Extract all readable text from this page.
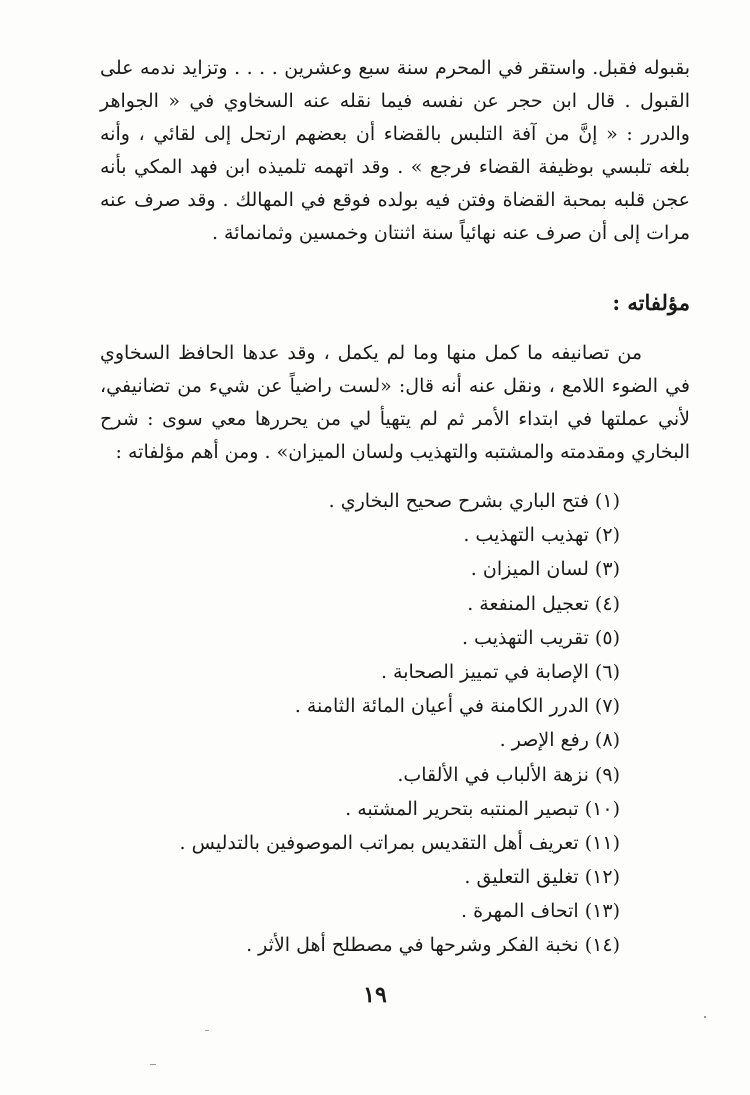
بقبوله فقبل. واستقر في المحرم سنة سبع وعشرين . . . . وتزايد ندمه على القبول . قال ابن حجر عن نفسه فيما نقله عنه السخاوي في « الجواهر والدرر : « إنَّ من آفة التلبس بالقضاء أن بعضهم ارتحل إلى لقائي ، وأنه بلغه تلبسي بوظيفة القضاء فرجع » . وقد اتهمه تلميذه ابن فهد المكي بأنه عجن قلبه بمحبة القضاة وفتن فيه بولده فوقع في المهالك . وقد صرف عنه مرات إلى أن صرف عنه نهائياً سنة اثنتان وخمسين وثمانمائة .

مؤلفاته :

من تصانيفه ما كمل منها وما لم يكمل ، وقد عدها الحافظ السخاوي في الضوء اللامع ، ونقل عنه أنه قال: «لست راضياً عن شيء من تضانيفي، لأني عملتها في ابتداء الأمر ثم لم يتهيأ لي من يحررها معي سوى : شرح البخاري ومقدمته والمشتبه والتهذيب ولسان الميزان» . ومن أهم مؤلفاته :

(١) فتح الباري بشرح صحيح البخاري .
(٢) تهذيب التهذيب .
(٣) لسان الميزان .
(٤) تعجيل المنفعة .
(٥) تقريب التهذيب .
(٦) الإصابة في تمييز الصحابة .
(٧) الدرر الكامنة في أعيان المائة الثامنة .
(٨) رفع الإصر .
(٩) نزهة الألباب في الألقاب.
(١٠) تبصير المنتبه بتحرير المشتبه .
(١١) تعريف أهل التقديس بمراتب الموصوفين بالتدليس .
(١٢) تغليق التعليق .
(١٣) اتحاف المهرة .
(١٤) نخبة الفكر وشرحها في مصطلح أهل الأثر .
١٩
